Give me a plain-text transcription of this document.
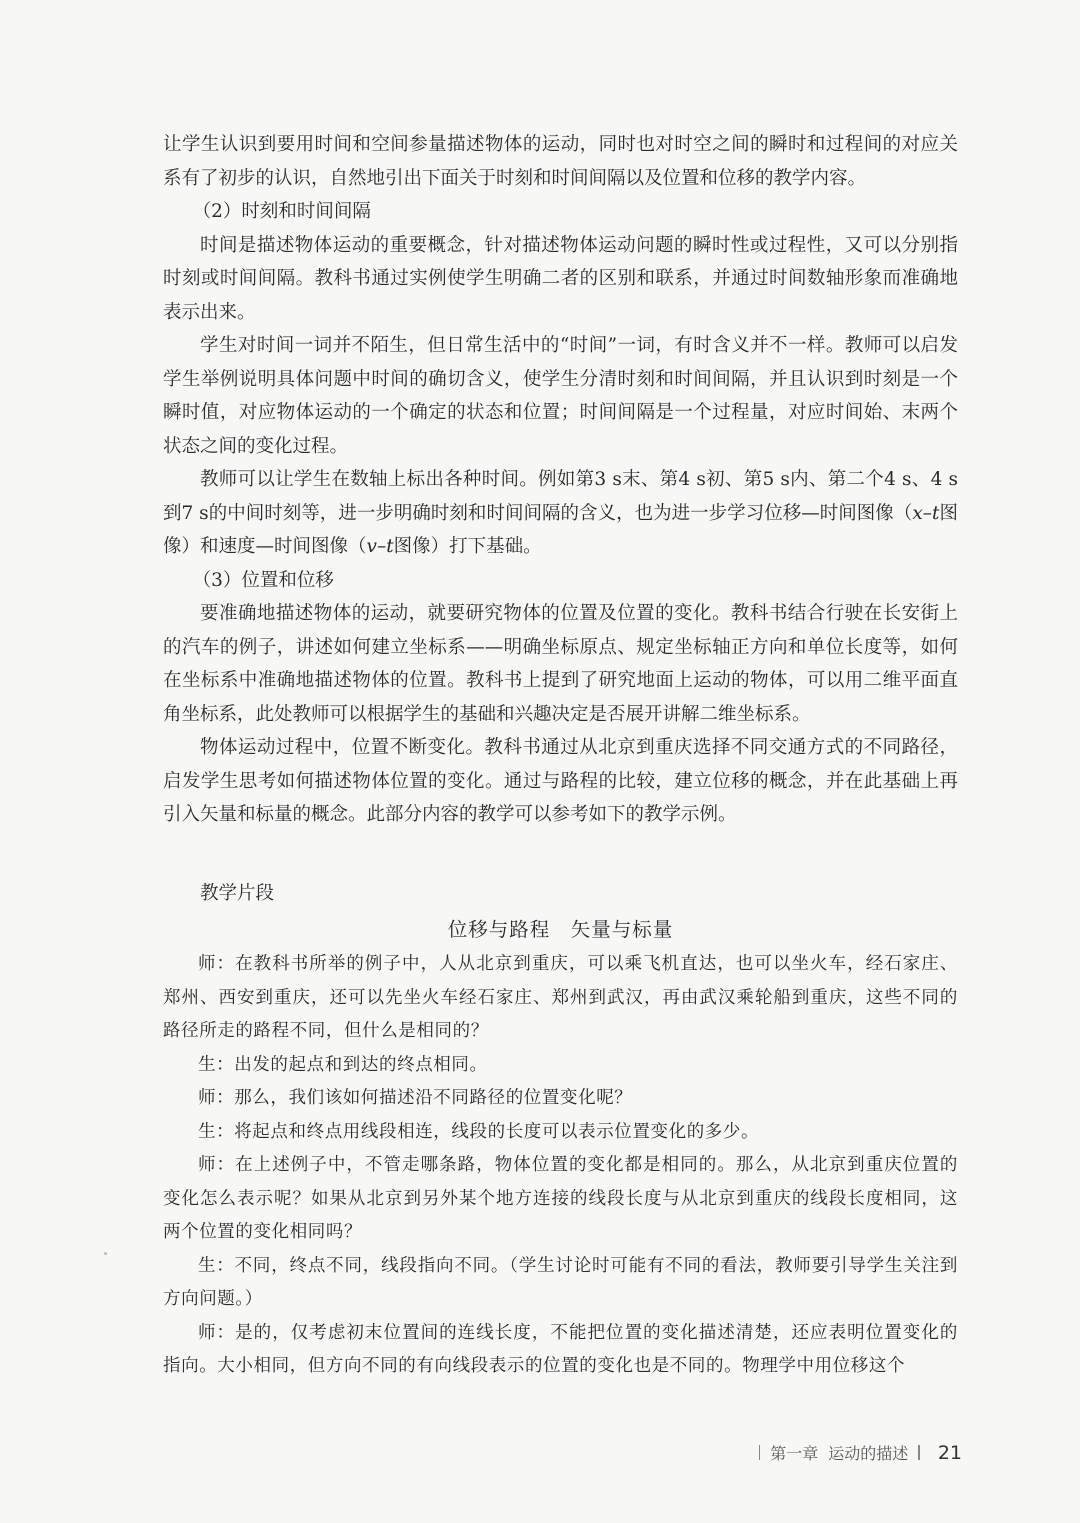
让学生认识到要用时间和空间参量描述物体的运动，同时也对时空之间的瞬时和过程间的对应关系有了初步的认识，自然地引出下面关于时刻和时间间隔以及位置和位移的教学内容。

（2）时刻和时间间隔

时间是描述物体运动的重要概念，针对描述物体运动问题的瞬时性或过程性，又可以分别指时刻或时间间隔。教科书通过实例使学生明确二者的区别和联系，并通过时间数轴形象而准确地表示出来。

学生对时间一词并不陌生，但日常生活中的“时间”一词，有时含义并不一样。教师可以启发学生举例说明具体问题中时间的确切含义，使学生分清时刻和时间间隔，并且认识到时刻是一个瞬时值，对应物体运动的一个确定的状态和位置；时间间隔是一个过程量，对应时间始、末两个状态之间的变化过程。

教师可以让学生在数轴上标出各种时间。例如第3 s末、第4 s初、第5 s内、第二个4 s、4 s到7 s的中间时刻等，进一步明确时刻和时间间隔的含义，也为进一步学习位移—时间图像（x–t图像）和速度—时间图像（v–t图像）打下基础。

（3）位置和位移

要准确地描述物体的运动，就要研究物体的位置及位置的变化。教科书结合行驶在长安街上的汽车的例子，讲述如何建立坐标系——明确坐标原点、规定坐标轴正方向和单位长度等，如何在坐标系中准确地描述物体的位置。教科书上提到了研究地面上运动的物体，可以用二维平面直角坐标系，此处教师可以根据学生的基础和兴趣决定是否展开讲解二维坐标系。

物体运动过程中，位置不断变化。教科书通过从北京到重庆选择不同交通方式的不同路径，启发学生思考如何描述物体位置的变化。通过与路程的比较，建立位移的概念，并在此基础上再引入矢量和标量的概念。此部分内容的教学可以参考如下的教学示例。

教学片段

位移与路程　矢量与标量

师：在教科书所举的例子中，人从北京到重庆，可以乘飞机直达，也可以坐火车，经石家庄、郑州、西安到重庆，还可以先坐火车经石家庄、郑州到武汉，再由武汉乘轮船到重庆，这些不同的路径所走的路程不同，但什么是相同的？

生：出发的起点和到达的终点相同。

师：那么，我们该如何描述沿不同路径的位置变化呢？

生：将起点和终点用线段相连，线段的长度可以表示位置变化的多少。

师：在上述例子中，不管走哪条路，物体位置的变化都是相同的。那么，从北京到重庆位置的变化怎么表示呢？如果从北京到另外某个地方连接的线段长度与从北京到重庆的线段长度相同，这两个位置的变化相同吗？

生：不同，终点不同，线段指向不同。（学生讨论时可能有不同的看法，教师要引导学生关注到方向问题。）

师：是的，仅考虑初末位置间的连线长度，不能把位置的变化描述清楚，还应表明位置变化的指向。大小相同，但方向不同的有向线段表示的位置的变化也是不同的。物理学中用位移这个

第一章 运动的描述 21
